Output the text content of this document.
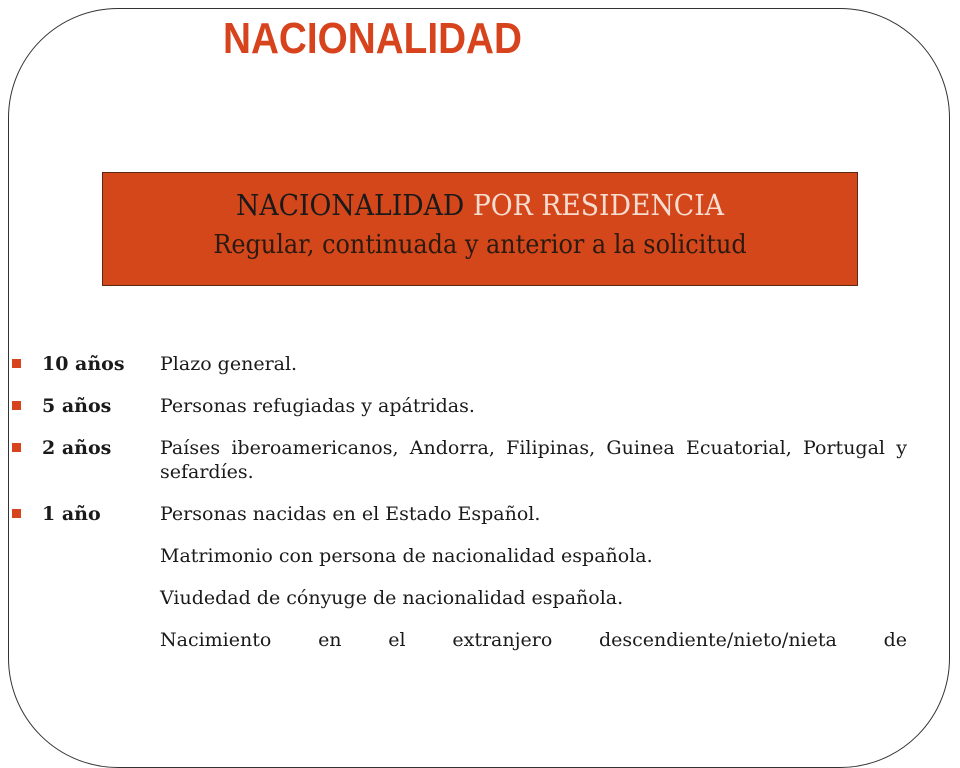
NACIONALIDAD
NACIONALIDAD POR RESIDENCIA
Regular, continuada y anterior a la solicitud
10 años Plazo general.
5 años	Personas refugiadas y apátridas.
2 años	Países iberoamericanos, Andorra, Filipinas, Guinea Ecuatorial, Portugal y sefardíes.
1 año	Personas nacidas en el Estado Español.
Matrimonio con persona de nacionalidad española.
Viudedad de cónyuge de nacionalidad española.
Nacimiento en el extranjero descendiente/nieto/nieta de
